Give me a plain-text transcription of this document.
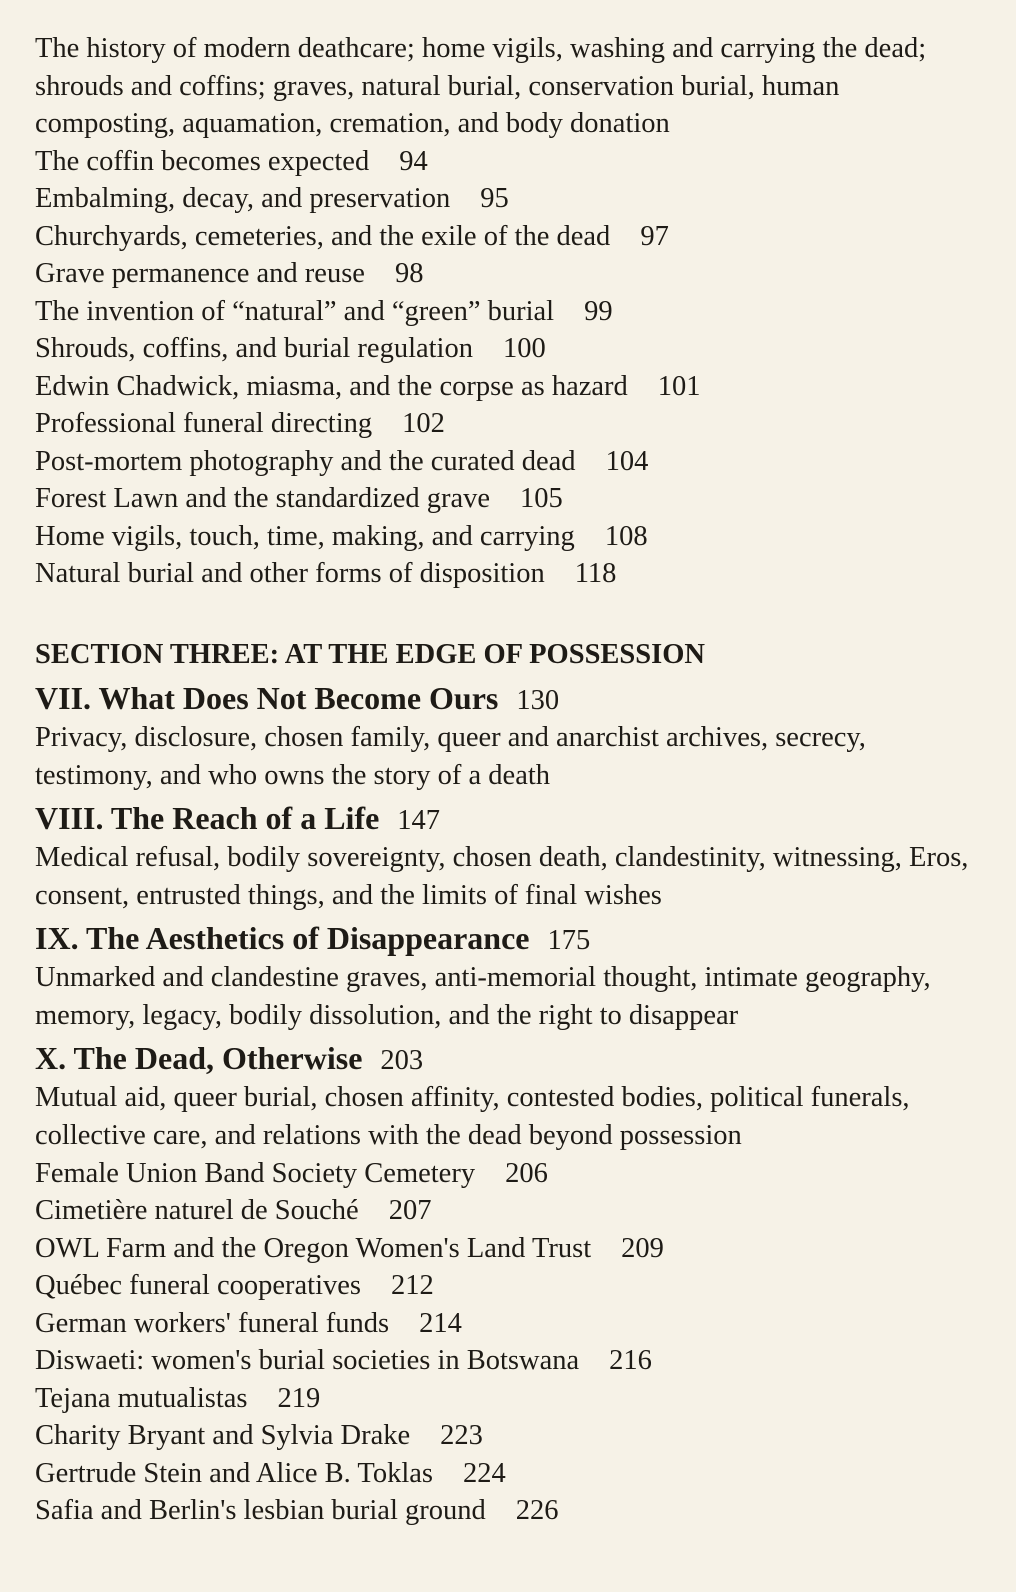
The history of modern deathcare; home vigils, washing and carrying the dead; shrouds and coffins; graves, natural burial, conservation burial, human composting, aquamation, cremation, and body donation

The coffin becomes expected 94
Embalming, decay, and preservation 95
Churchyards, cemeteries, and the exile of the dead 97
Grave permanence and reuse 98
The invention of “natural” and “green” burial 99
Shrouds, coffins, and burial regulation 100
Edwin Chadwick, miasma, and the corpse as hazard 101
Professional funeral directing 102
Post-mortem photography and the curated dead 104
Forest Lawn and the standardized grave 105
Home vigils, touch, time, making, and carrying 108
Natural burial and other forms of disposition 118
SECTION THREE: AT THE EDGE OF POSSESSION
VII. What Does Not Become Ours 130

Privacy, disclosure, chosen family, queer and anarchist archives, secrecy, testimony, and who owns the story of a death

VIII. The Reach of a Life 147

Medical refusal, bodily sovereignty, chosen death, clandestinity, witnessing, Eros, consent, entrusted things, and the limits of final wishes

IX. The Aesthetics of Disappearance 175

Unmarked and clandestine graves, anti-memorial thought, intimate geography, memory, legacy, bodily dissolution, and the right to disappear

X. The Dead, Otherwise 203

Mutual aid, queer burial, chosen affinity, contested bodies, political funerals, collective care, and relations with the dead beyond possession

Female Union Band Society Cemetery 206
Cimetière naturel de Souché 207
OWL Farm and the Oregon Women's Land Trust 209
Québec funeral cooperatives 212
German workers' funeral funds 214
Diswaeti: women's burial societies in Botswana 216
Tejana mutualistas 219
Charity Bryant and Sylvia Drake 223
Gertrude Stein and Alice B. Toklas 224
Safia and Berlin's lesbian burial ground 226
